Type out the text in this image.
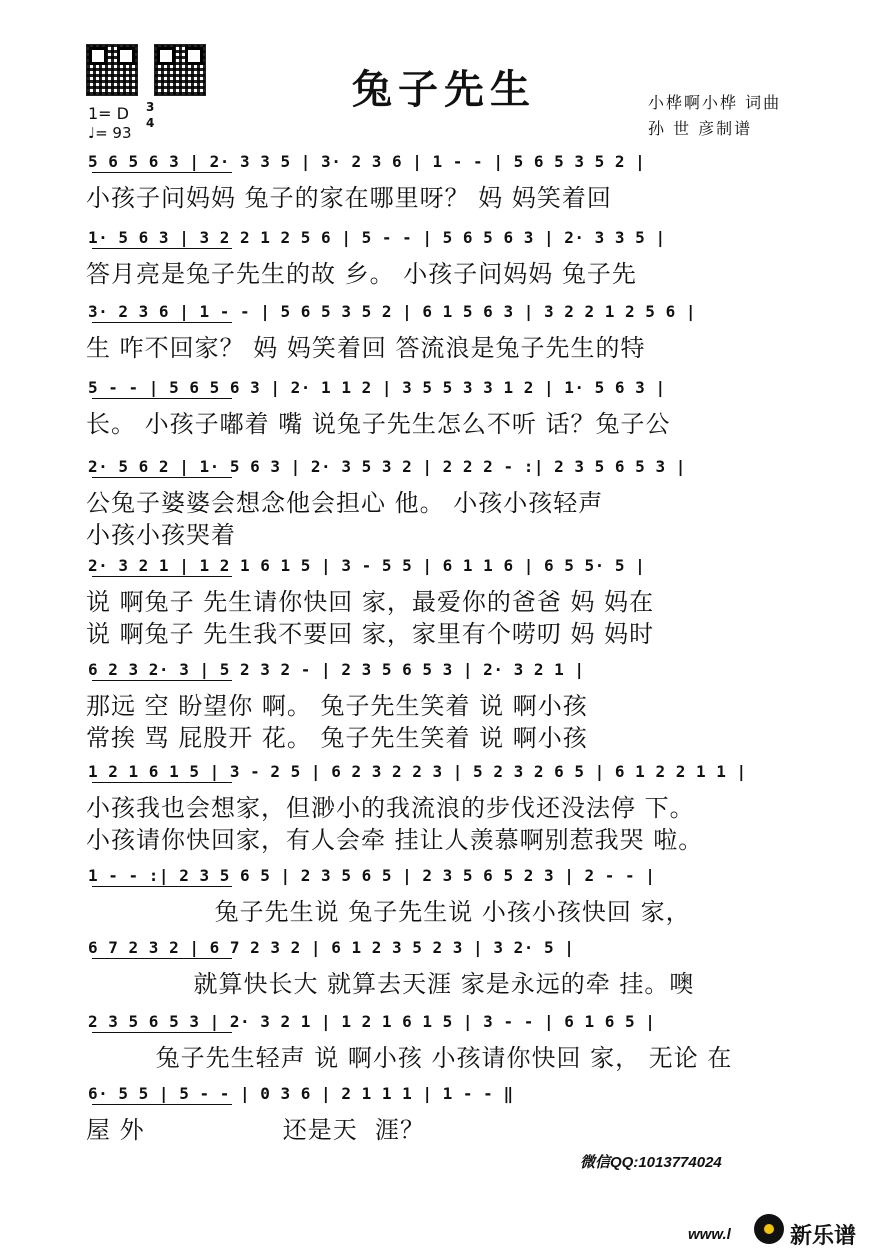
兔子先生	小桦啊小桦 词曲
孙 世 彦制谱
1= D 3
4
♩= 93
5 6 5 6 3 | 2· 3 3 5 | 3· 2 3 6 | 1 - - | 5 6 5 3 5 2 |
小孩子问妈妈 兔子的家在哪里呀？ 妈 妈笑着回
1· 5 6 3 | 3 2 2 1 2 5 6 | 5 - - | 5 6 5 6 3 | 2· 3 3 5 |
答月亮是兔子先生的故 乡。 小孩子问妈妈 兔子先
3· 2 3 6 | 1 - - | 5 6 5 3 5 2 | 6 1 5 6 3 | 3 2 2 1 2 5 6 |
生 咋不回家？ 妈 妈笑着回 答流浪是兔子先生的特
5 - - | 5 6 5 6 3 | 2· 1 1 2 | 3 5 5 3 3 1 2 | 1· 5 6 3 |
长。 小孩子嘟着 嘴 说兔子先生怎么不听 话？兔子公
2· 5 6 2 | 1· 5 6 3 | 2· 3 5 3 2 | 2 2 2 - :| 2 3 5 6 5 3 |
公兔子婆婆会想念他会担心 他。 小孩小孩轻声
小孩小孩哭着
2· 3 2 1 | 1 2 1 6 1 5 | 3 - 5 5 | 6 1 1 6 | 6 5 5· 5 |
说 啊兔子 先生请你快回 家，最爱你的爸爸 妈 妈在
说 啊兔子 先生我不要回 家，家里有个唠叨 妈 妈时
6 2 3 2· 3 | 5 2 3 2 - | 2 3 5 6 5 3 | 2· 3 2 1 |
那远 空 盼望你 啊。 兔子先生笑着 说 啊小孩
常挨 骂 屁股开 花。 兔子先生笑着 说 啊小孩
1 2 1 6 1 5 | 3 - 2 5 | 6 2 3 2 2 3 | 5 2 3 2 6 5 | 6 1 2 2 1 1 |
小孩我也会想家，但渺小的我流浪的步伐还没法停 下。
小孩请你快回家，有人会牵 挂让人羡慕啊别惹我哭 啦。
1 - - :| 2 3 5 6 5 | 2 3 5 6 5 | 2 3 5 6 5 2 3 | 2 - - |
兔子先生说 兔子先生说 小孩小孩快回 家，
6 7 2 3 2 | 6 7 2 3 2 | 6 1 2 3 5 2 3 | 3 2· 5 |
就算快长大 就算去天涯 家是永远的牵 挂。噢
2 3 5 6 5 3 | 2· 3 2 1 | 1 2 1 6 1 5 | 3 - - | 6 1 6 5 |
兔子先生轻声 说 啊小孩 小孩请你快回 家， 无论 在
6· 5 5 | 5 - - | 0 3 6 | 2 1 1 1 | 1 - - ‖
屋 外                还是天  涯？
微信QQ:1013774024
www.l	新乐谱
